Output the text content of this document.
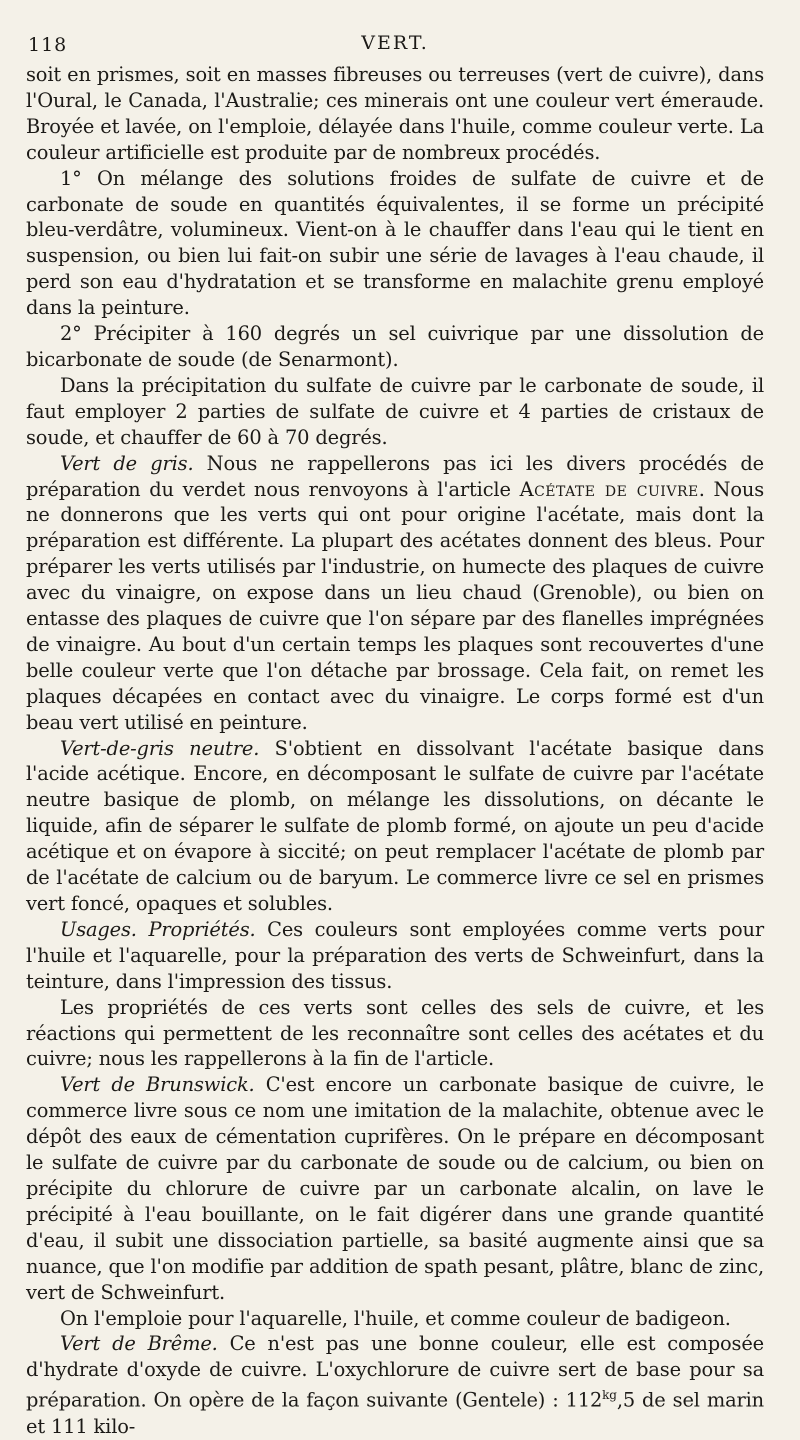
118	VERT.

soit en prismes, soit en masses fibreuses ou terreuses (vert de cuivre), dans l'Oural, le Canada, l'Australie; ces minerais ont une couleur vert émeraude. Broyée et lavée, on l'emploie, délayée dans l'huile, comme couleur verte. La couleur artificielle est produite par de nombreux procédés.

1° On mélange des solutions froides de sulfate de cuivre et de carbonate de soude en quantités équivalentes, il se forme un précipité bleu-verdâtre, volumineux. Vient-on à le chauffer dans l'eau qui le tient en suspension, ou bien lui fait-on subir une série de lavages à l'eau chaude, il perd son eau d'hydratation et se transforme en malachite grenu employé dans la peinture.

2° Précipiter à 160 degrés un sel cuivrique par une dissolution de bicarbonate de soude (de Senarmont).

Dans la précipitation du sulfate de cuivre par le carbonate de soude, il faut employer 2 parties de sulfate de cuivre et 4 parties de cristaux de soude, et chauffer de 60 à 70 degrés.

Vert de gris. Nous ne rappellerons pas ici les divers procédés de préparation du verdet nous renvoyons à l'article Acétate de cuivre. Nous ne donnerons que les verts qui ont pour origine l'acétate, mais dont la préparation est différente. La plupart des acétates donnent des bleus. Pour préparer les verts utilisés par l'industrie, on humecte des plaques de cuivre avec du vinaigre, on expose dans un lieu chaud (Grenoble), ou bien on entasse des plaques de cuivre que l'on sépare par des flanelles imprégnées de vinaigre. Au bout d'un certain temps les plaques sont recouvertes d'une belle couleur verte que l'on détache par brossage. Cela fait, on remet les plaques décapées en contact avec du vinaigre. Le corps formé est d'un beau vert utilisé en peinture.

Vert-de-gris neutre. S'obtient en dissolvant l'acétate basique dans l'acide acétique. Encore, en décomposant le sulfate de cuivre par l'acétate neutre basique de plomb, on mélange les dissolutions, on décante le liquide, afin de séparer le sulfate de plomb formé, on ajoute un peu d'acide acétique et on évapore à siccité; on peut remplacer l'acétate de plomb par de l'acétate de calcium ou de baryum. Le commerce livre ce sel en prismes vert foncé, opaques et solubles.

Usages. Propriétés. Ces couleurs sont employées comme verts pour l'huile et l'aquarelle, pour la préparation des verts de Schweinfurt, dans la teinture, dans l'impression des tissus.

Les propriétés de ces verts sont celles des sels de cuivre, et les réactions qui permettent de les reconnaître sont celles des acétates et du cuivre; nous les rappellerons à la fin de l'article.

Vert de Brunswick. C'est encore un carbonate basique de cuivre, le commerce livre sous ce nom une imitation de la malachite, obtenue avec le dépôt des eaux de cémentation cuprifères. On le prépare en décomposant le sulfate de cuivre par du carbonate de soude ou de calcium, ou bien on précipite du chlorure de cuivre par un carbonate alcalin, on lave le précipité à l'eau bouillante, on le fait digérer dans une grande quantité d'eau, il subit une dissociation partielle, sa basité augmente ainsi que sa nuance, que l'on modifie par addition de spath pesant, plâtre, blanc de zinc, vert de Schweinfurt.

On l'emploie pour l'aquarelle, l'huile, et comme couleur de badigeon.

Vert de Brême. Ce n'est pas une bonne couleur, elle est composée d'hydrate d'oxyde de cuivre. L'oxychlorure de cuivre sert de base pour sa préparation. On opère de la façon suivante (Gentele) : $112^{kg},5$ de sel marin et 111 kilo-
